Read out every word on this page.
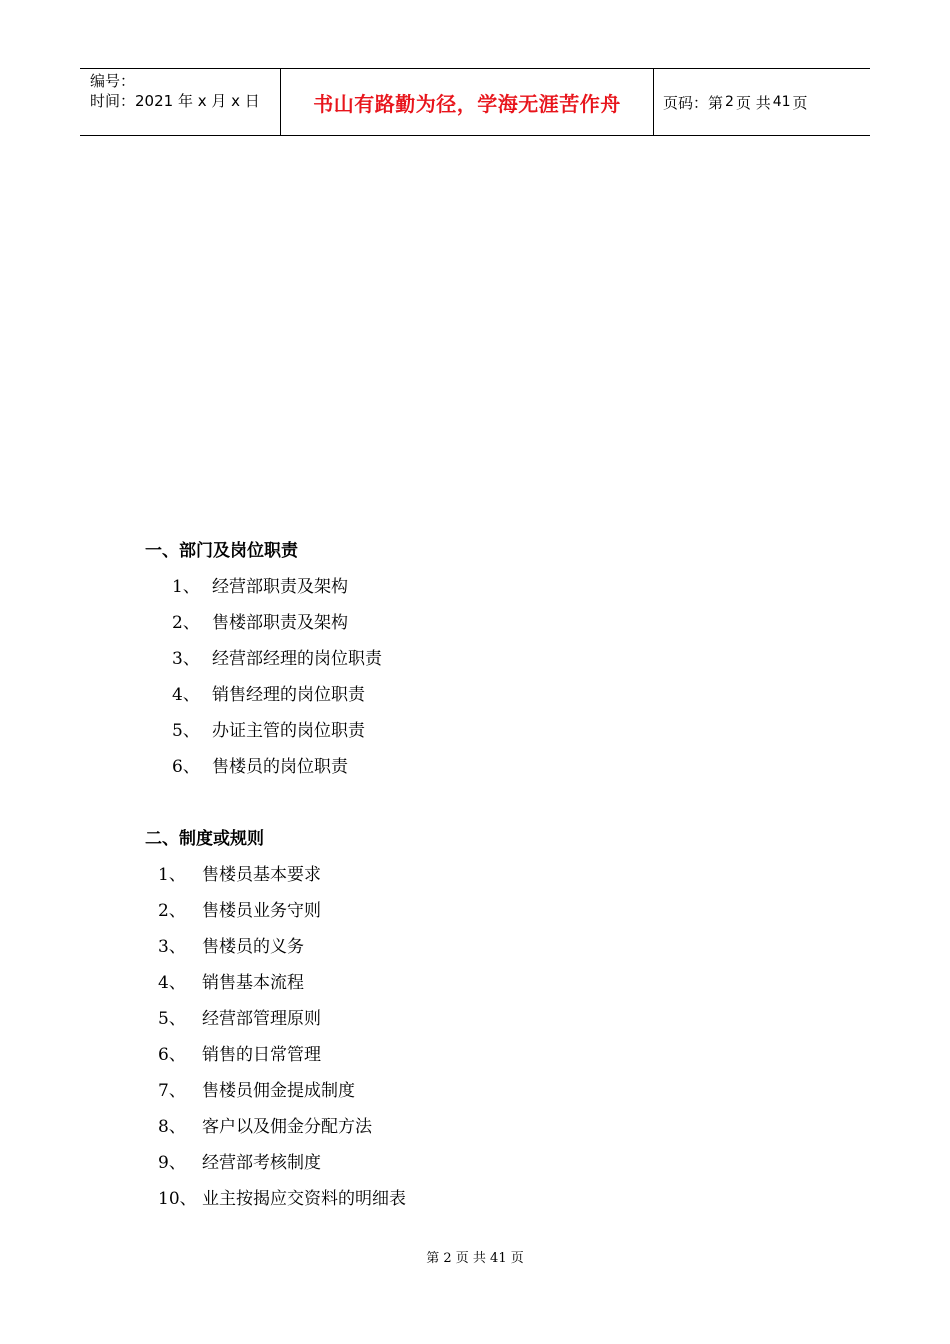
编号：
时间：2021 年 x 月 x 日	书山有路勤为径，学海无涯苦作舟	页码：第 2 页 共 41 页
一、部门及岗位职责
1、 经营部职责及架构
2、 售楼部职责及架构
3、 经营部经理的岗位职责
4、 销售经理的岗位职责
5、 办证主管的岗位职责
6、 售楼员的岗位职责
二、制度或规则
1、 售楼员基本要求
2、 售楼员业务守则
3、 售楼员的义务
4、 销售基本流程
5、 经营部管理原则
6、 销售的日常管理
7、 售楼员佣金提成制度
8、 客户以及佣金分配方法
9、 经营部考核制度
10、 业主按揭应交资料的明细表
第 2 页 共 41 页
